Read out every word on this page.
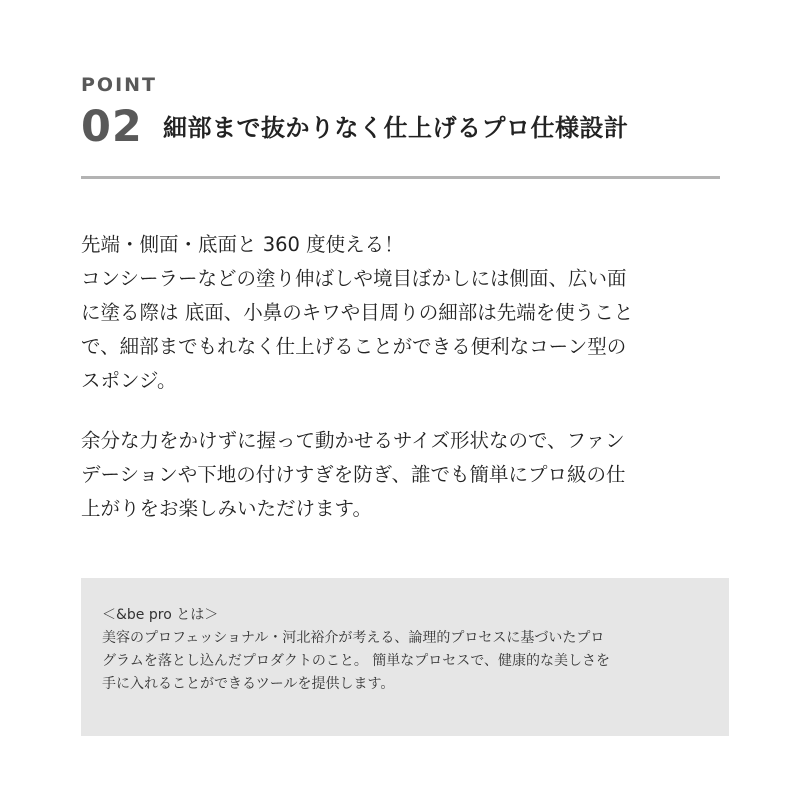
POINT
02 細部まで抜かりなく仕上げるプロ仕様設計
先端・側面・底面と 360 度使える！
コンシーラーなどの塗り伸ばしや境目ぼかしには側面、広い面
に塗る際は 底面、小鼻のキワや目周りの細部は先端を使うこと
で、細部までもれなく仕上げることができる便利なコーン型の
スポンジ。
余分な力をかけずに握って動かせるサイズ形状なので、ファン
デーションや下地の付けすぎを防ぎ、誰でも簡単にプロ級の仕
上がりをお楽しみいただけます。
＜&be pro とは＞
美容のプロフェッショナル・河北裕介が考える、論理的プロセスに基づいたプロ
グラムを落とし込んだプロダクトのこと。 簡単なプロセスで、健康的な美しさを
手に入れることができるツールを提供します。
